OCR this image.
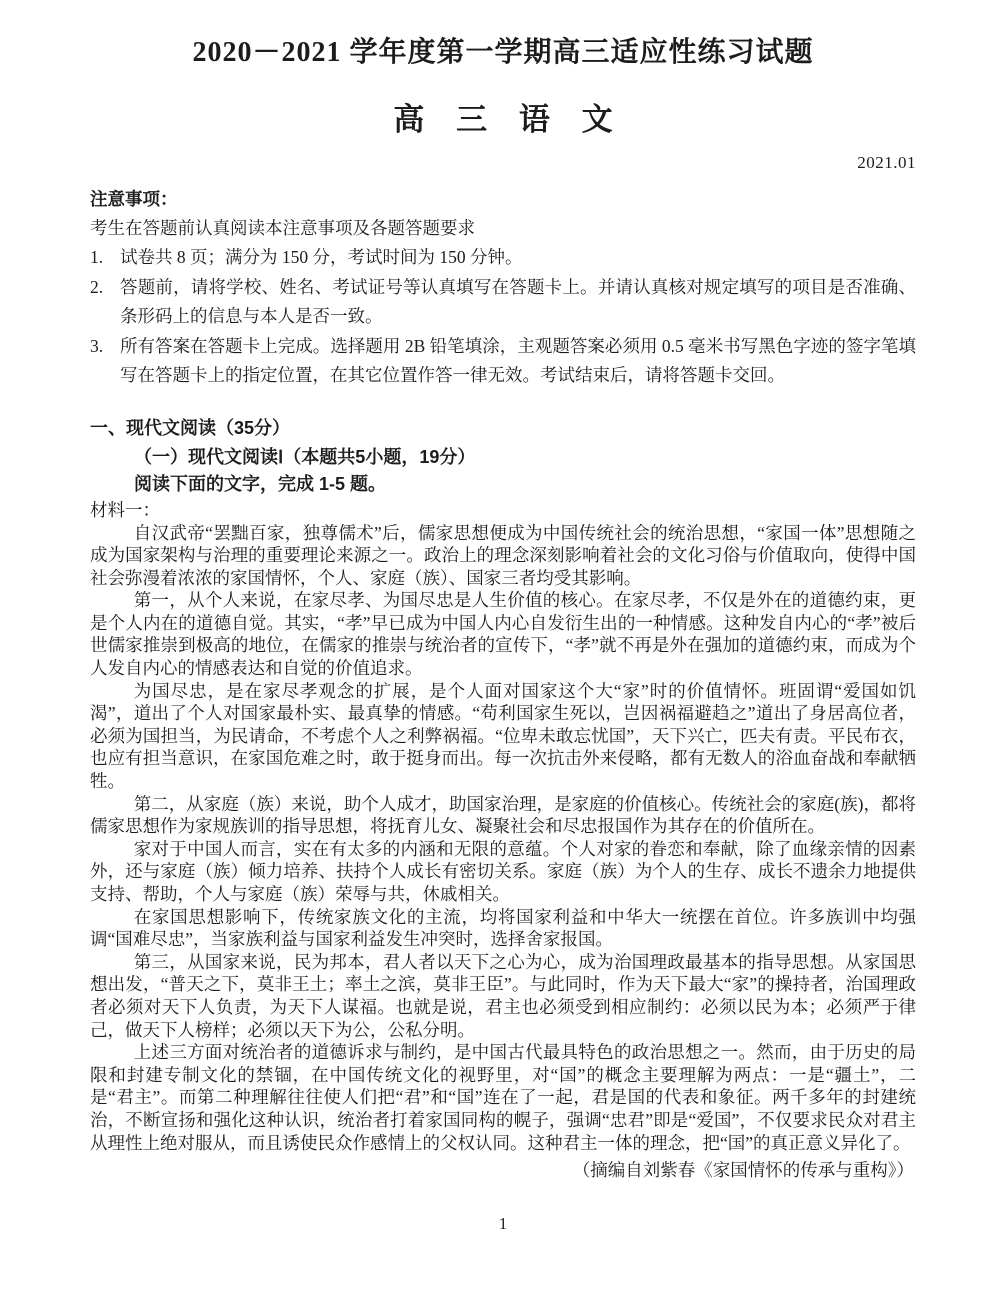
2020－2021 学年度第一学期高三适应性练习试题
高 三 语 文
2021.01
注意事项：
考生在答题前认真阅读本注意事项及各题答题要求
1. 试卷共 8 页；满分为 150 分，考试时间为 150 分钟。
2. 答题前，请将学校、姓名、考试证号等认真填写在答题卡上。并请认真核对规定填写的项目是否准确、条形码上的信息与本人是否一致。
3. 所有答案在答题卡上完成。选择题用 2B 铅笔填涂，主观题答案必须用 0.5 毫米书写黑色字迹的签字笔填写在答题卡上的指定位置，在其它位置作答一律无效。考试结束后，请将答题卡交回。
一、现代文阅读（35分）
（一）现代文阅读Ⅰ（本题共5小题，19分）
阅读下面的文字，完成 1-5 题。
材料一：

自汉武帝“罢黜百家，独尊儒术”后，儒家思想便成为中国传统社会的统治思想，“家国一体”思想随之成为国家架构与治理的重要理论来源之一。政治上的理念深刻影响着社会的文化习俗与价值取向，使得中国社会弥漫着浓浓的家国情怀，个人、家庭（族）、国家三者均受其影响。

第一，从个人来说，在家尽孝、为国尽忠是人生价值的核心。在家尽孝，不仅是外在的道德约束，更是个人内在的道德自觉。其实，“孝”早已成为中国人内心自发衍生出的一种情感。这种发自内心的“孝”被后世儒家推崇到极高的地位，在儒家的推崇与统治者的宣传下，“孝”就不再是外在强加的道德约束，而成为个人发自内心的情感表达和自觉的价值追求。

为国尽忠，是在家尽孝观念的扩展，是个人面对国家这个大“家”时的价值情怀。班固谓“爱国如饥渴”，道出了个人对国家最朴实、最真挚的情感。“苟利国家生死以，岂因祸福避趋之”道出了身居高位者，必须为国担当，为民请命，不考虑个人之利弊祸福。“位卑未敢忘忧国”，天下兴亡，匹夫有责。平民布衣，也应有担当意识，在家国危难之时，敢于挺身而出。每一次抗击外来侵略，都有无数人的浴血奋战和奉献牺牲。

第二，从家庭（族）来说，助个人成才，助国家治理，是家庭的价值核心。传统社会的家庭(族)，都将儒家思想作为家规族训的指导思想，将抚育儿女、凝聚社会和尽忠报国作为其存在的价值所在。

家对于中国人而言，实在有太多的内涵和无限的意蕴。个人对家的眷恋和奉献，除了血缘亲情的因素外，还与家庭（族）倾力培养、扶持个人成长有密切关系。家庭（族）为个人的生存、成长不遗余力地提供支持、帮助，个人与家庭（族）荣辱与共，休戚相关。

在家国思想影响下，传统家族文化的主流，均将国家利益和中华大一统摆在首位。许多族训中均强调“国难尽忠”，当家族利益与国家利益发生冲突时，选择舍家报国。

第三，从国家来说，民为邦本，君人者以天下之心为心，成为治国理政最基本的指导思想。从家国思想出发，“普天之下，莫非王土；率土之滨，莫非王臣”。与此同时，作为天下最大“家”的操持者，治国理政者必须对天下人负责，为天下人谋福。也就是说，君主也必须受到相应制约：必须以民为本；必须严于律己，做天下人榜样；必须以天下为公，公私分明。

上述三方面对统治者的道德诉求与制约，是中国古代最具特色的政治思想之一。然而，由于历史的局限和封建专制文化的禁锢，在中国传统文化的视野里，对“国”的概念主要理解为两点：一是“疆土”，二是“君主”。而第二种理解往往使人们把“君”和“国”连在了一起，君是国的代表和象征。两千多年的封建统治，不断宣扬和强化这种认识，统治者打着家国同构的幌子，强调“忠君”即是“爱国”，不仅要求民众对君主从理性上绝对服从，而且诱使民众作感情上的父权认同。这种君主一体的理念，把“国”的真正意义异化了。

（摘编自刘紫春《家国情怀的传承与重构》）
1
